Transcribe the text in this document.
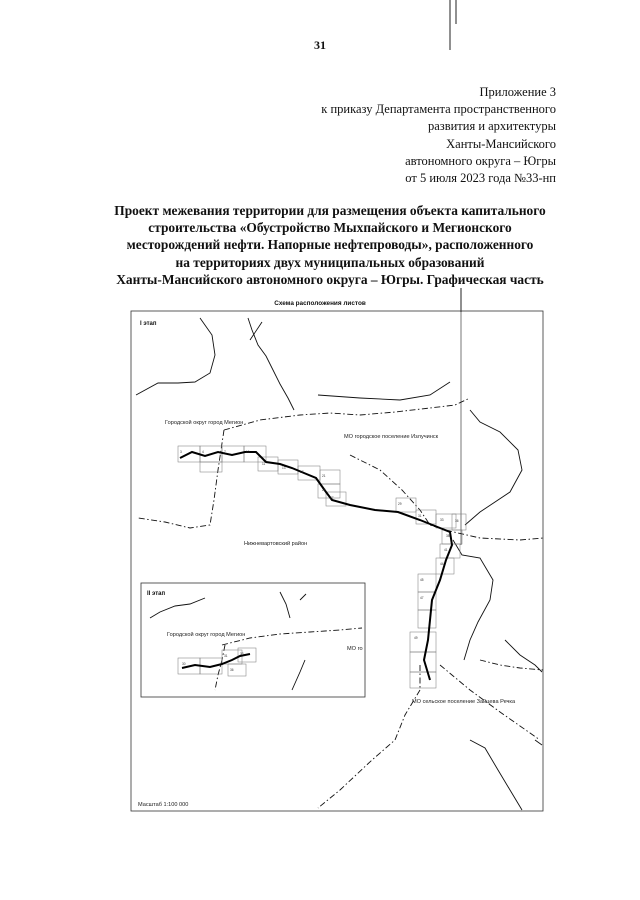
31
Приложение 3
к приказу Департамента пространственного
развития и архитектуры
Ханты-Мансийского
автономного округа – Югры
от 5 июля 2023 года №33-нп
Проект межевания территории для размещения объекта капитального
строительства «Обустройство Мыхпайского и Мегионского
месторождений нефти. Напорные нефтепроводы», расположенного
на территориях двух муниципальных образований
Ханты-Мансийского автономного округа – Югры. Графическая часть
Схема расположения листов
3	4	7	10
11
13
17
21
24
27
29
31
33	36
38
41
44
45
47
49
I этап
Городской округ город Мегион
МО городское поселение Излучинск
Нижневартовский район
МО сельское поселение Зайцева Речка
Масштаб 1:100 000
II этап
Городской округ город Мегион
МО го
30
31	33
36
